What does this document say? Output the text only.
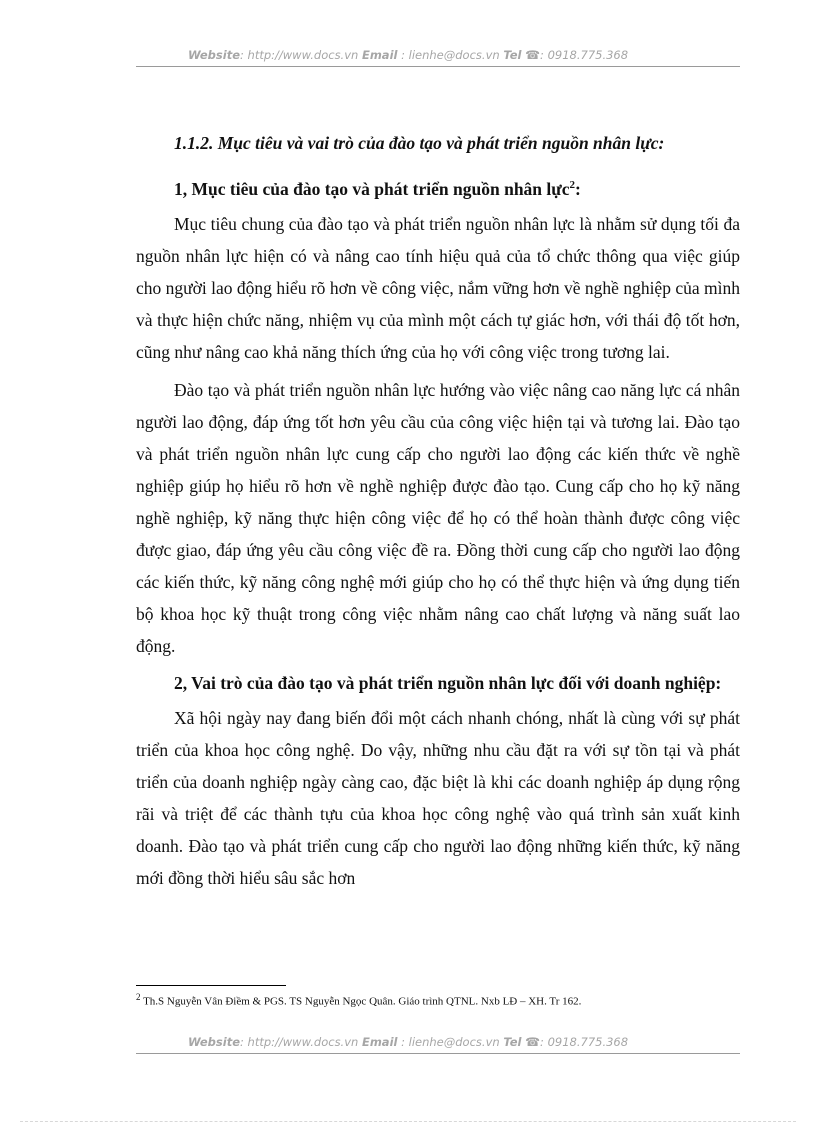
Website: http://www.docs.vn Email : lienhe@docs.vn Tel ☎: 0918.775.368
1.1.2. Mục tiêu và vai trò của đào tạo và phát triển nguồn nhân lực:
1, Mục tiêu của đào tạo và phát triển nguồn nhân lực$^2$:

Mục tiêu chung của đào tạo và phát triển nguồn nhân lực là nhằm sử dụng tối đa nguồn nhân lực hiện có và nâng cao tính hiệu quả của tổ chức thông qua việc giúp cho người lao động hiểu rõ hơn về công việc, nắm vững hơn về nghề nghiệp của mình và thực hiện chức năng, nhiệm vụ của mình một cách tự giác hơn, với thái độ tốt hơn, cũng như nâng cao khả năng thích ứng của họ với công việc trong tương lai.

Đào tạo và phát triển nguồn nhân lực hướng vào việc nâng cao năng lực cá nhân người lao động, đáp ứng tốt hơn yêu cầu của công việc hiện tại và tương lai. Đào tạo và phát triển nguồn nhân lực cung cấp cho người lao động các kiến thức về nghề nghiệp giúp họ hiểu rõ hơn về nghề nghiệp được đào tạo. Cung cấp cho họ kỹ năng nghề nghiệp, kỹ năng thực hiện công việc để họ có thể hoàn thành được công việc được giao, đáp ứng yêu cầu công việc đề ra. Đồng thời cung cấp cho người lao động các kiến thức, kỹ năng công nghệ mới giúp cho họ có thể thực hiện và ứng dụng tiến bộ khoa học kỹ thuật trong công việc nhằm nâng cao chất lượng và năng suất lao động.

2, Vai trò của đào tạo và phát triển nguồn nhân lực đối với doanh nghiệp:

Xã hội ngày nay đang biến đổi một cách nhanh chóng, nhất là cùng với sự phát triển của khoa học công nghệ. Do vậy, những nhu cầu đặt ra với sự tồn tại và phát triển của doanh nghiệp ngày càng cao, đặc biệt là khi các doanh nghiệp áp dụng rộng rãi và triệt để các thành tựu của khoa học công nghệ vào quá trình sản xuất kinh doanh. Đào tạo và phát triển cung cấp cho người lao động những kiến thức, kỹ năng mới đồng thời hiểu sâu sắc hơn

$^2$ Th.S Nguyễn Vân Điềm & PGS. TS Nguyễn Ngọc Quân. Giáo trình QTNL. Nxb LĐ – XH. Tr 162.
Website: http://www.docs.vn Email : lienhe@docs.vn Tel ☎: 0918.775.368
